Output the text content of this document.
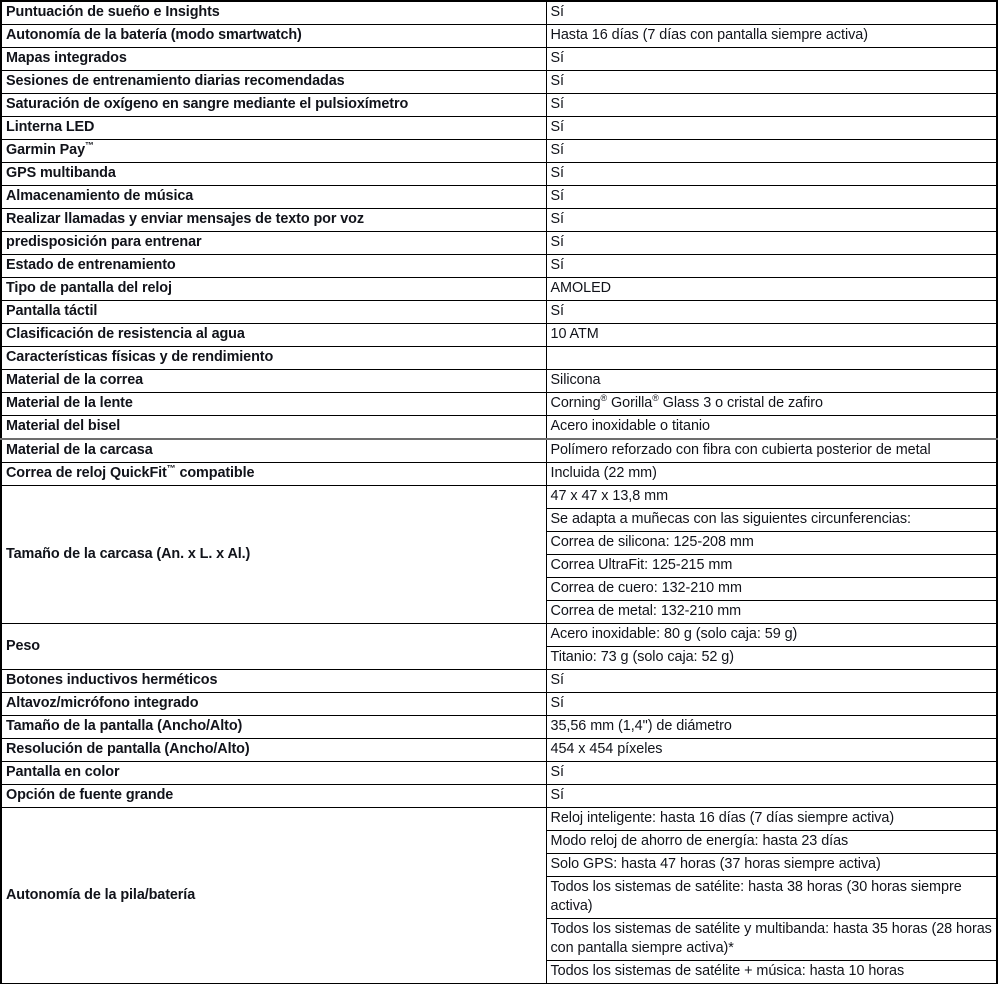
Puntuación de sueño e Insights	Sí
Autonomía de la batería (modo smartwatch)	Hasta 16 días (7 días con pantalla siempre activa)
Mapas integrados	Sí
Sesiones de entrenamiento diarias recomendadas	Sí
Saturación de oxígeno en sangre mediante el pulsioxímetro	Sí
Linterna LED	Sí
Garmin Pay™	Sí
GPS multibanda	Sí
Almacenamiento de música	Sí
Realizar llamadas y enviar mensajes de texto por voz	Sí
predisposición para entrenar	Sí
Estado de entrenamiento	Sí
Tipo de pantalla del reloj	AMOLED
Pantalla táctil	Sí
Clasificación de resistencia al agua	10 ATM
Características físicas y de rendimiento	
Material de la correa	Silicona
Material de la lente	Corning® Gorilla® Glass 3 o cristal de zafiro
Material del bisel	Acero inoxidable o titanio
Material de la carcasa	Polímero reforzado con fibra con cubierta posterior de metal
Correa de reloj QuickFit™ compatible	Incluida (22 mm)
Tamaño de la carcasa (An. x L. x Al.)	47 x 47 x 13,8 mm
	Se adapta a muñecas con las siguientes circunferencias:
	Correa de silicona: 125-208 mm
	Correa UltraFit: 125-215 mm
	Correa de cuero: 132-210 mm
	Correa de metal: 132-210 mm
Peso	Acero inoxidable: 80 g (solo caja: 59 g)
	Titanio: 73 g (solo caja: 52 g)
Botones inductivos herméticos	Sí
Altavoz/micrófono integrado	Sí
Tamaño de la pantalla (Ancho/Alto)	35,56 mm (1,4") de diámetro
Resolución de pantalla (Ancho/Alto)	454 x 454 píxeles
Pantalla en color	Sí
Opción de fuente grande	Sí
Autonomía de la pila/batería	Reloj inteligente: hasta 16 días (7 días siempre activa)
	Modo reloj de ahorro de energía: hasta 23 días
	Solo GPS: hasta 47 horas (37 horas siempre activa)
	Todos los sistemas de satélite: hasta 38 horas (30 horas siempre activa)
	Todos los sistemas de satélite y multibanda: hasta 35 horas (28 horas con pantalla siempre activa)*
	Todos los sistemas de satélite + música: hasta 10 horas
